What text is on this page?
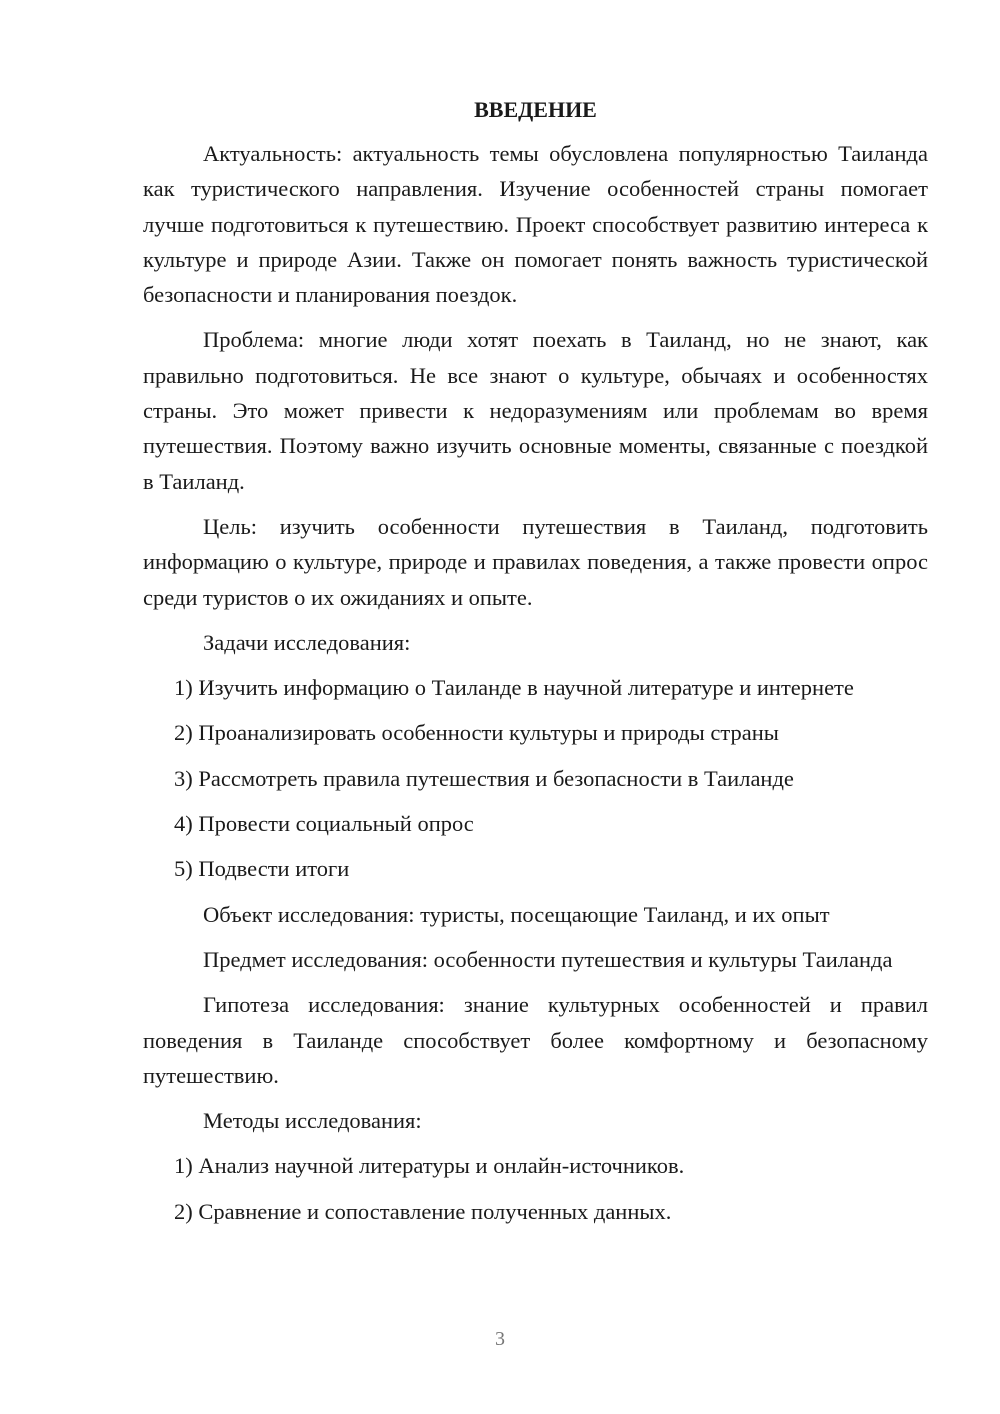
ВВЕДЕНИЕ

Актуальность: актуальность темы обусловлена популярностью Таиланда как туристического направления. Изучение особенностей страны помогает лучше подготовиться к путешествию. Проект способствует развитию интереса к культуре и природе Азии. Также он помогает понять важность туристической безопасности и планирования поездок.

Проблема: многие люди хотят поехать в Таиланд, но не знают, как правильно подготовиться. Не все знают о культуре, обычаях и особенностях страны. Это может привести к недоразумениям или проблемам во время путешествия. Поэтому важно изучить основные моменты, связанные с поездкой в Таиланд.

Цель: изучить особенности путешествия в Таиланд, подготовить информацию о культуре, природе и правилах поведения, а также провести опрос среди туристов о их ожиданиях и опыте.

Задачи исследования:

1) Изучить информацию о Таиланде в научной литературе и интернете

2) Проанализировать особенности культуры и природы страны

3) Рассмотреть правила путешествия и безопасности в Таиланде

4) Провести социальный опрос

5) Подвести итоги

Объект исследования: туристы, посещающие Таиланд, и их опыт

Предмет исследования: особенности путешествия и культуры Таиланда

Гипотеза исследования: знание культурных особенностей и правил поведения в Таиланде способствует более комфортному и безопасному путешествию.

Методы исследования:

1) Анализ научной литературы и онлайн-источников.

2) Сравнение и сопоставление полученных данных.

3
